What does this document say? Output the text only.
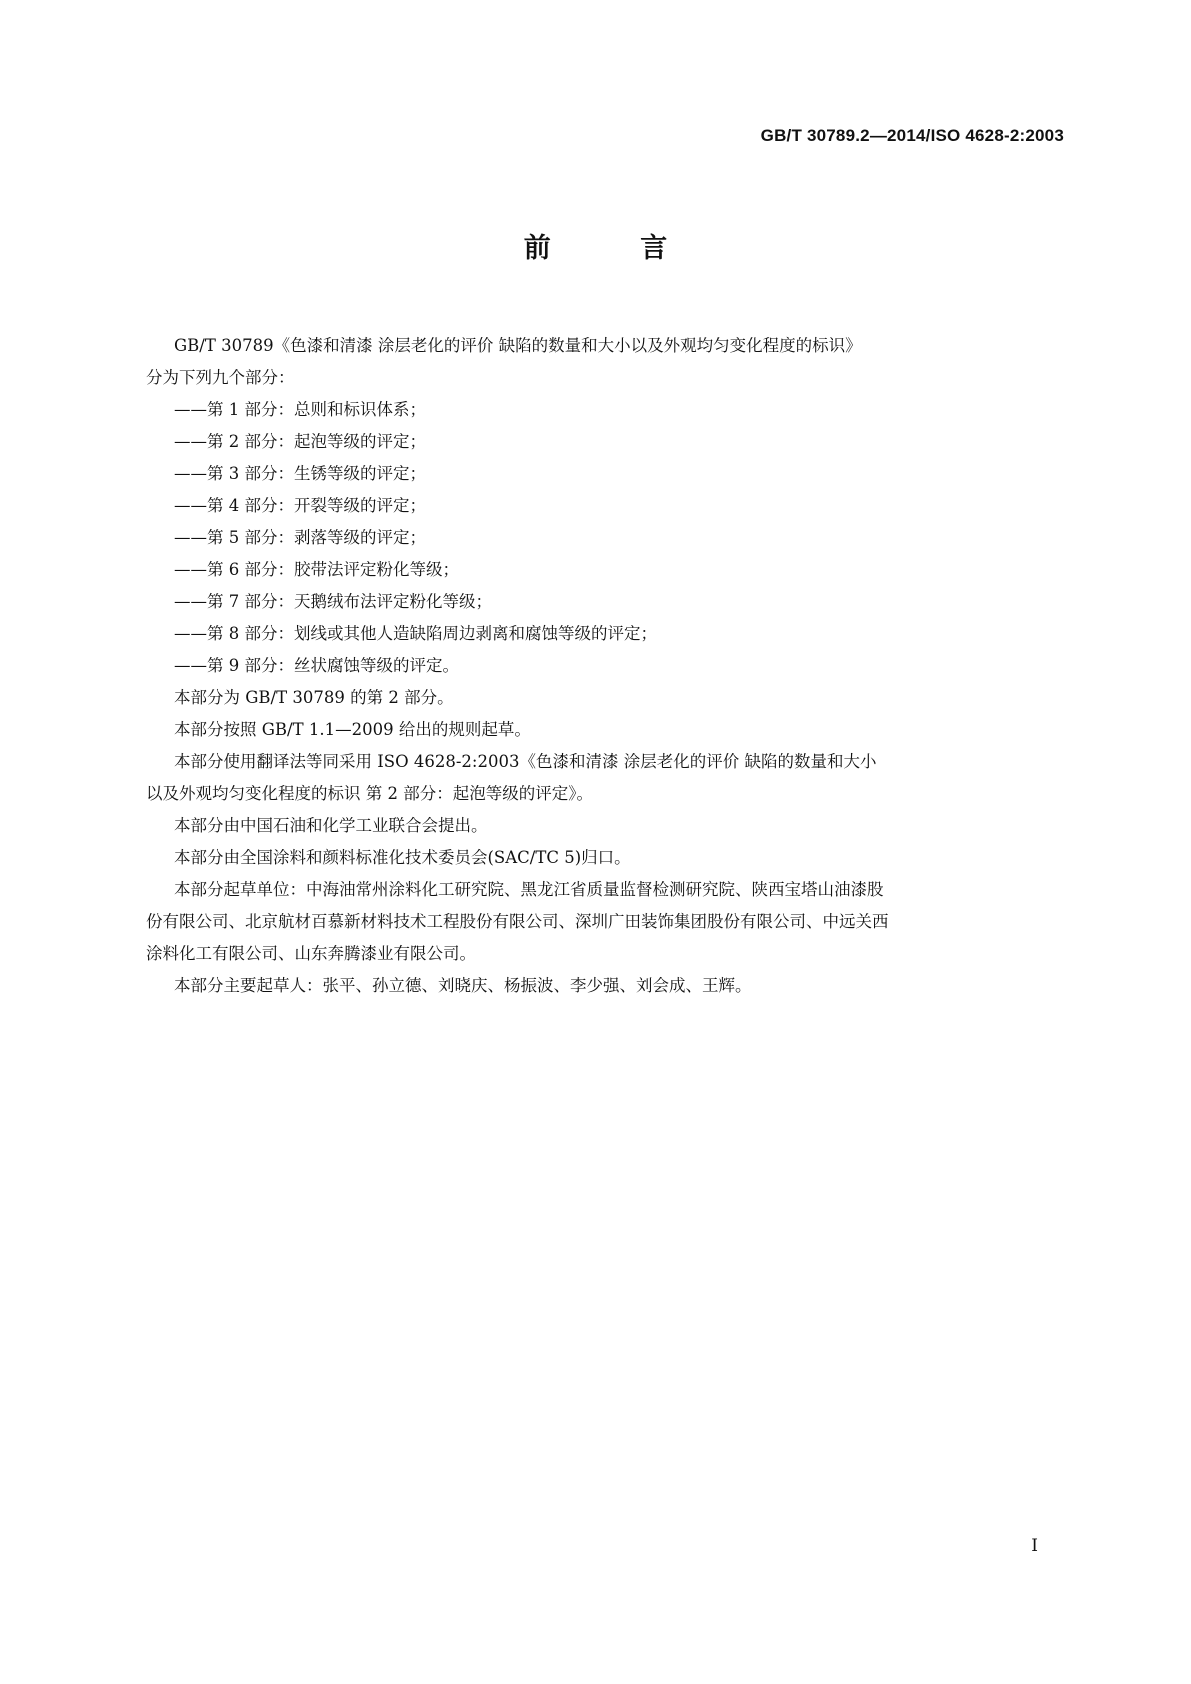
GB/T 30789.2—2014/ISO 4628-2:2003
前 言
GB/T 30789《色漆和清漆 涂层老化的评价 缺陷的数量和大小以及外观均匀变化程度的标识》
分为下列九个部分：
——第 1 部分：总则和标识体系；
——第 2 部分：起泡等级的评定；
——第 3 部分：生锈等级的评定；
——第 4 部分：开裂等级的评定；
——第 5 部分：剥落等级的评定；
——第 6 部分：胶带法评定粉化等级；
——第 7 部分：天鹅绒布法评定粉化等级；
——第 8 部分：划线或其他人造缺陷周边剥离和腐蚀等级的评定；
——第 9 部分：丝状腐蚀等级的评定。
本部分为 GB/T 30789 的第 2 部分。
本部分按照 GB/T 1.1—2009 给出的规则起草。
本部分使用翻译法等同采用 ISO 4628-2:2003《色漆和清漆 涂层老化的评价 缺陷的数量和大小
以及外观均匀变化程度的标识 第 2 部分：起泡等级的评定》。
本部分由中国石油和化学工业联合会提出。
本部分由全国涂料和颜料标准化技术委员会(SAC/TC 5)归口。
本部分起草单位：中海油常州涂料化工研究院、黑龙江省质量监督检测研究院、陕西宝塔山油漆股
份有限公司、北京航材百慕新材料技术工程股份有限公司、深圳广田装饰集团股份有限公司、中远关西
涂料化工有限公司、山东奔腾漆业有限公司。
本部分主要起草人：张平、孙立德、刘晓庆、杨振波、李少强、刘会成、王辉。
I
